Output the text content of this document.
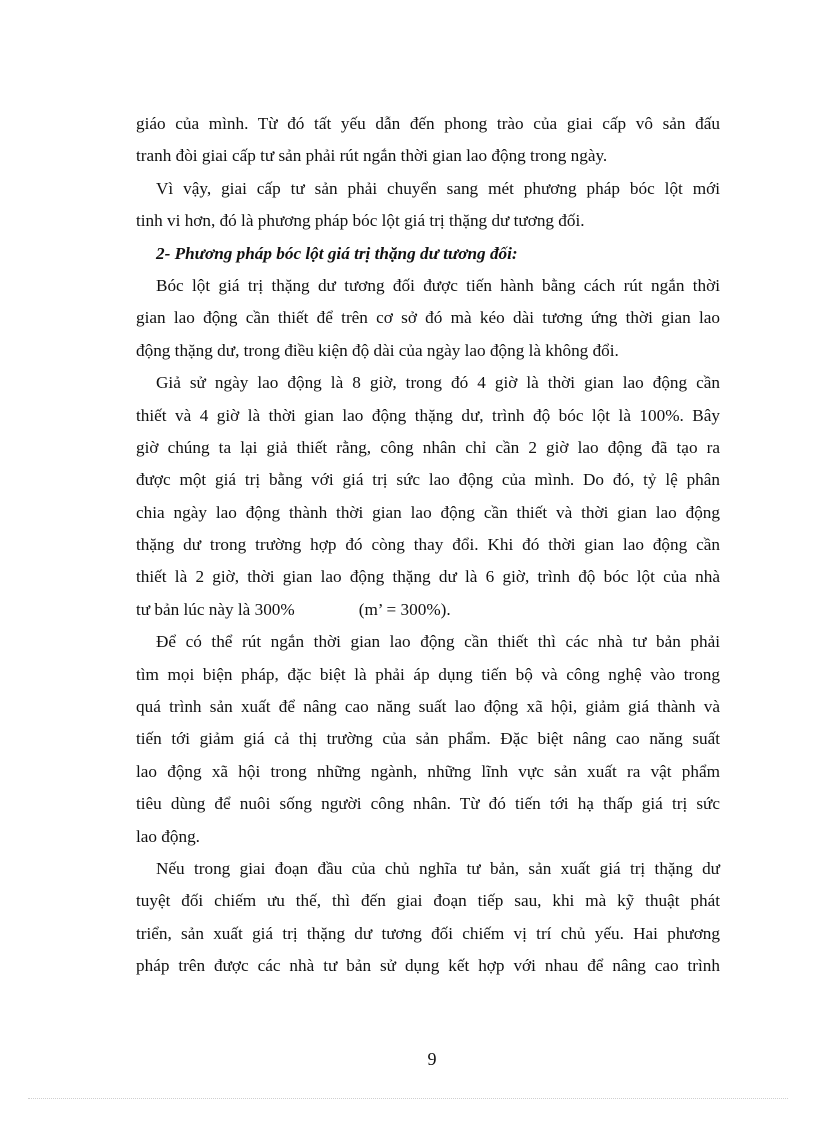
giáo của mình. Từ đó tất yếu dẫn đến phong trào của giai cấp vô sản đấu
tranh đòi giai cấp tư sản phải rút ngắn thời gian lao động trong ngày.
Vì vậy, giai cấp tư sản phải chuyển sang mét phương pháp bóc lột mới
tinh vi hơn, đó là phương pháp bóc lột giá trị thặng dư tương đối.
2- Phương pháp bóc lột giá trị thặng dư tương đối:
Bóc lột giá trị thặng dư tương đối được tiến hành bằng cách rút ngắn thời
gian lao động cần thiết để trên cơ sở đó mà kéo dài tương ứng thời gian lao
động thặng dư, trong điều kiện độ dài của ngày lao động là không đổi.
Giả sử ngày lao động là 8 giờ, trong đó 4 giờ là thời gian lao động cần
thiết và 4 giờ là thời gian lao động thặng dư, trình độ bóc lột là 100%. Bây
giờ chúng ta lại giả thiết rằng, công nhân chỉ cần 2 giờ lao động đã tạo ra
được một giá trị bằng với giá trị sức lao động của mình. Do đó, tỷ lệ phân
chia ngày lao động thành thời gian lao động cần thiết và thời gian lao động
thặng dư trong trường hợp đó còng thay đổi. Khi đó thời gian lao động cần
thiết là 2 giờ, thời gian lao động thặng dư là 6 giờ, trình độ bóc lột của nhà
tư bản lúc này là 300%	(m’ = 300%).
Để có thể rút ngắn thời gian lao động cần thiết thì các nhà tư bản phải
tìm mọi biện pháp, đặc biệt là phải áp dụng tiến bộ và công nghệ vào trong
quá trình sản xuất để nâng cao năng suất lao động xã hội, giảm giá thành và
tiến tới giảm giá cả thị trường của sản phẩm. Đặc biệt nâng cao năng suất
lao động xã hội trong những ngành, những lĩnh vực sản xuất ra vật phẩm
tiêu dùng để nuôi sống người công nhân. Từ đó tiến tới hạ thấp giá trị sức
lao động.
Nếu trong giai đoạn đầu của chủ nghĩa tư bản, sản xuất giá trị thặng dư
tuyệt đối chiếm ưu thế, thì đến giai đoạn tiếp sau, khi mà kỹ thuật phát
triển, sản xuất giá trị thặng dư tương đối chiếm vị trí chủ yếu. Hai phương
pháp trên được các nhà tư bản sử dụng kết hợp với nhau để nâng cao trình
9
